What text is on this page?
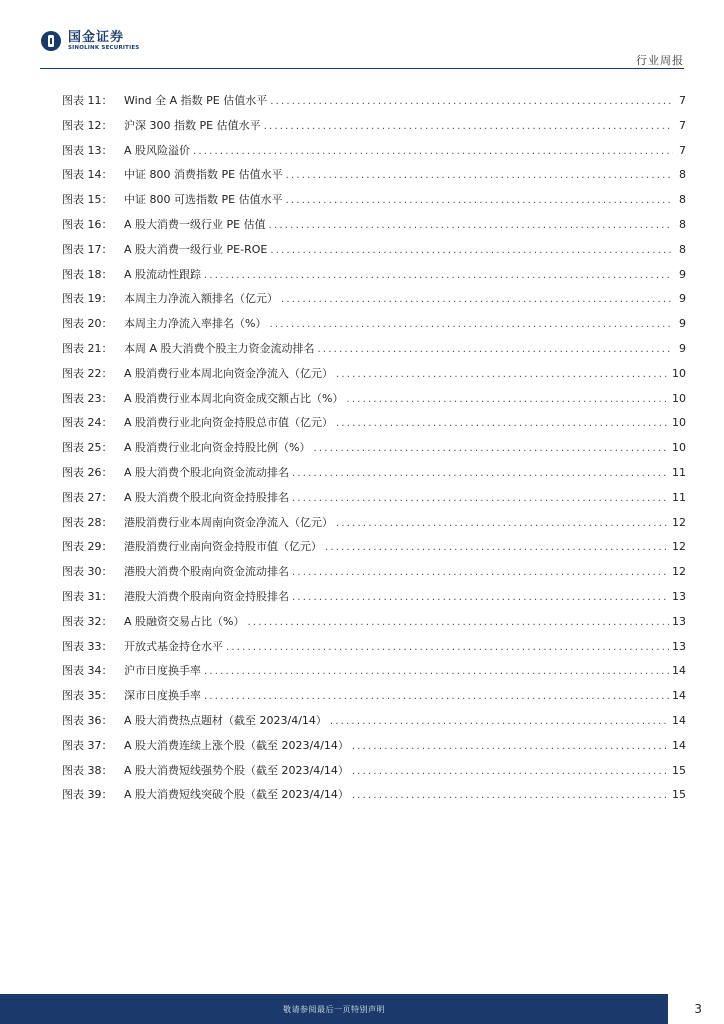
国金证券
SINOLINK SECURITIES
行业周报
图表 11：	Wind 全 A 指数 PE 估值水平 .....	7
图表 12：	沪深 300 指数 PE 估值水平 .....	7
图表 13：	A 股风险溢价 .....	7
图表 14：	中证 800 消费指数 PE 估值水平 .....	8
图表 15：	中证 800 可选指数 PE 估值水平 .....	8
图表 16：	A 股大消费一级行业 PE 估值 .....	8
图表 17：	A 股大消费一级行业 PE-ROE .....	8
图表 18：	A 股流动性跟踪 .....	9
图表 19：	本周主力净流入额排名（亿元） .....	9
图表 20：	本周主力净流入率排名（%） .....	9
图表 21：	本周 A 股大消费个股主力资金流动排名 .....	9
图表 22：	A 股消费行业本周北向资金净流入（亿元） .....	10
图表 23：	A 股消费行业本周北向资金成交额占比（%） .....	10
图表 24：	A 股消费行业北向资金持股总市值（亿元） .....	10
图表 25：	A 股消费行业北向资金持股比例（%） .....	10
图表 26：	A 股大消费个股北向资金流动排名 .....	11
图表 27：	A 股大消费个股北向资金持股排名 .....	11
图表 28：	港股消费行业本周南向资金净流入（亿元） .....	12
图表 29：	港股消费行业南向资金持股市值（亿元） .....	12
图表 30：	港股大消费个股南向资金流动排名 .....	12
图表 31：	港股大消费个股南向资金持股排名 .....	13
图表 32：	A 股融资交易占比（%） .....	13
图表 33：	开放式基金持仓水平 .....	13
图表 34：	沪市日度换手率 .....	14
图表 35：	深市日度换手率 .....	14
图表 36：	A 股大消费热点题材（截至 2023/4/14） .....	14
图表 37：	A 股大消费连续上涨个股（截至 2023/4/14） .....	14
图表 38：	A 股大消费短线强势个股（截至 2023/4/14） .....	15
图表 39：	A 股大消费短线突破个股（截至 2023/4/14） .....	15
敬请参阅最后一页特别声明	3
